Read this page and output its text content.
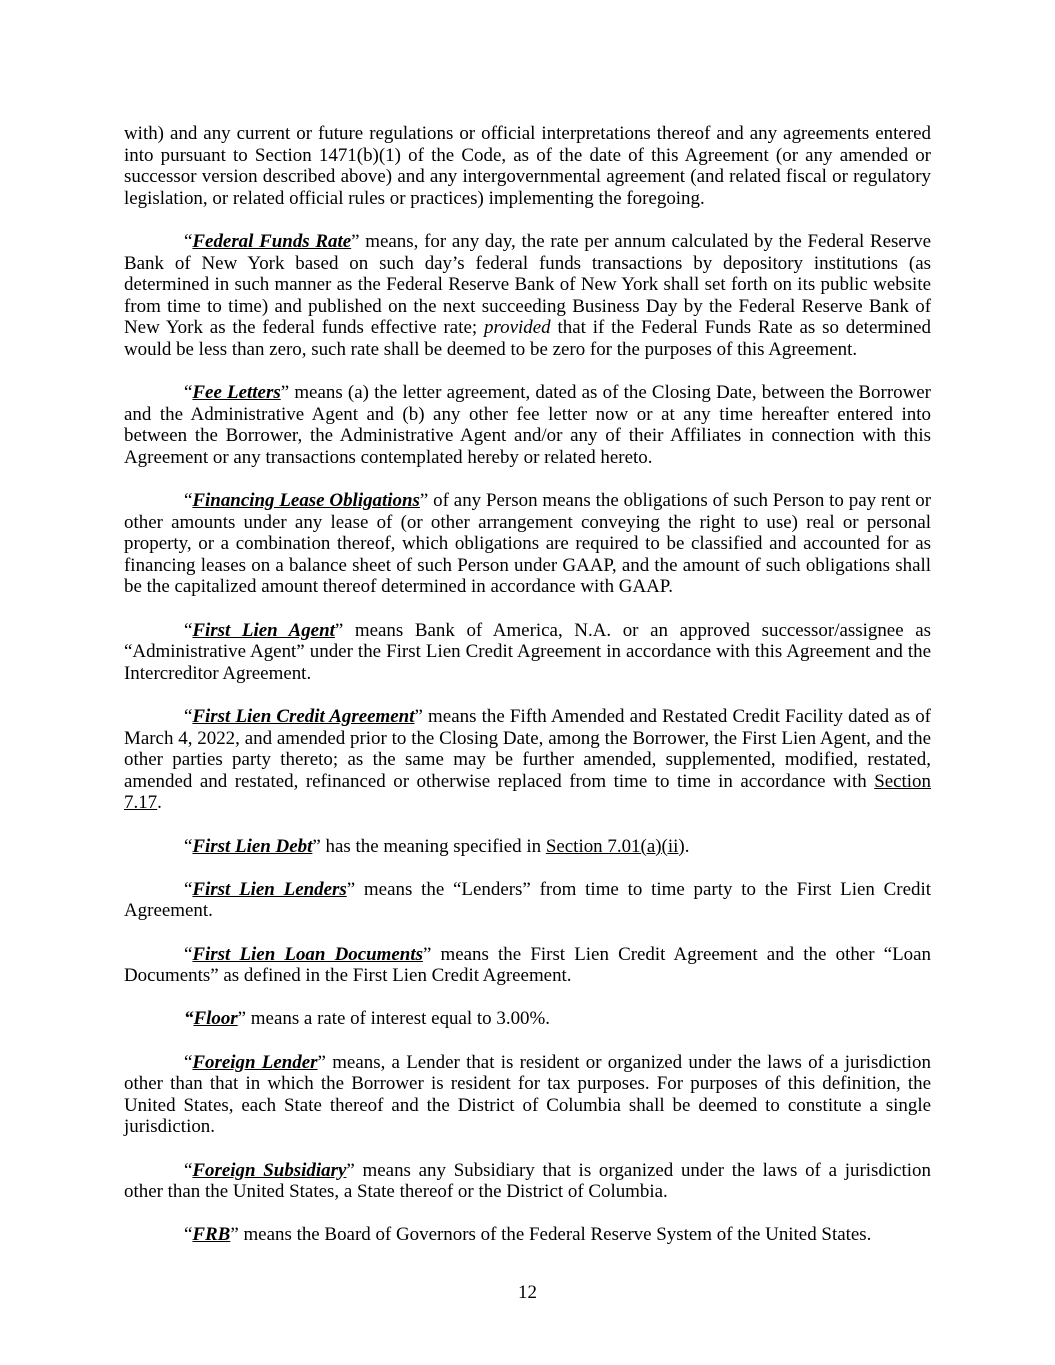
with) and any current or future regulations or official interpretations thereof and any agreements entered into pursuant to Section 1471(b)(1) of the Code, as of the date of this Agreement (or any amended or successor version described above) and any intergovernmental agreement (and related fiscal or regulatory legislation, or related official rules or practices) implementing the foregoing.

“Federal Funds Rate” means, for any day, the rate per annum calculated by the Federal Reserve Bank of New York based on such day’s federal funds transactions by depository institutions (as determined in such manner as the Federal Reserve Bank of New York shall set forth on its public website from time to time) and published on the next succeeding Business Day by the Federal Reserve Bank of New York as the federal funds effective rate; provided that if the Federal Funds Rate as so determined would be less than zero, such rate shall be deemed to be zero for the purposes of this Agreement.

“Fee Letters” means (a) the letter agreement, dated as of the Closing Date, between the Borrower and the Administrative Agent and (b) any other fee letter now or at any time hereafter entered into between the Borrower, the Administrative Agent and/or any of their Affiliates in connection with this Agreement or any transactions contemplated hereby or related hereto.

“Financing Lease Obligations” of any Person means the obligations of such Person to pay rent or other amounts under any lease of (or other arrangement conveying the right to use) real or personal property, or a combination thereof, which obligations are required to be classified and accounted for as financing leases on a balance sheet of such Person under GAAP, and the amount of such obligations shall be the capitalized amount thereof determined in accordance with GAAP.

“First Lien Agent” means Bank of America, N.A. or an approved successor/assignee as “Administrative Agent” under the First Lien Credit Agreement in accordance with this Agreement and the Intercreditor Agreement.

“First Lien Credit Agreement” means the Fifth Amended and Restated Credit Facility dated as of March 4, 2022, and amended prior to the Closing Date, among the Borrower, the First Lien Agent, and the other parties party thereto; as the same may be further amended, supplemented, modified, restated, amended and restated, refinanced or otherwise replaced from time to time in accordance with Section 7.17.

“First Lien Debt” has the meaning specified in Section 7.01(a)(ii).

“First Lien Lenders” means the “Lenders” from time to time party to the First Lien Credit Agreement.

“First Lien Loan Documents” means the First Lien Credit Agreement and the other “Loan Documents” as defined in the First Lien Credit Agreement.

“Floor” means a rate of interest equal to 3.00%.

“Foreign Lender” means, a Lender that is resident or organized under the laws of a jurisdiction other than that in which the Borrower is resident for tax purposes. For purposes of this definition, the United States, each State thereof and the District of Columbia shall be deemed to constitute a single jurisdiction.

“Foreign Subsidiary” means any Subsidiary that is organized under the laws of a jurisdiction other than the United States, a State thereof or the District of Columbia.

“FRB” means the Board of Governors of the Federal Reserve System of the United States.

12
